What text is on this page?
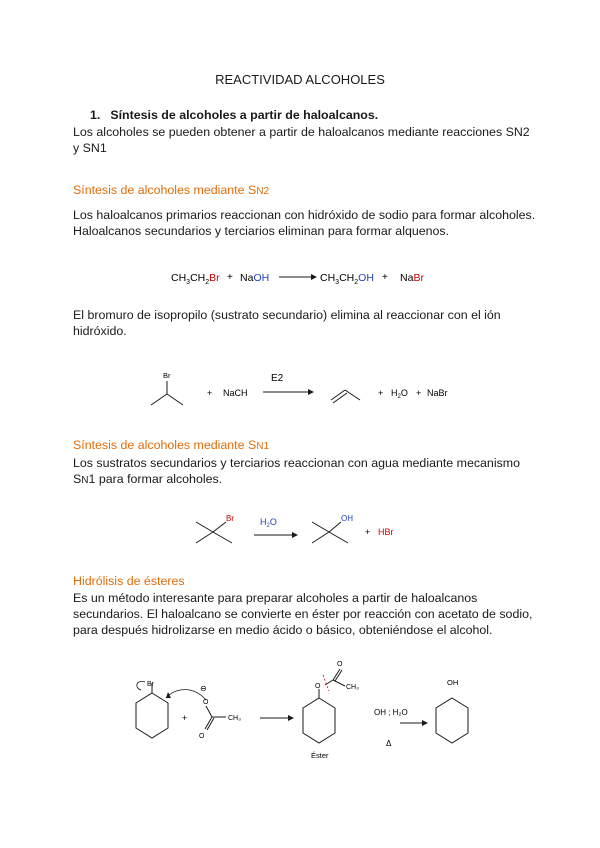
REACTIVIDAD ALCOHOLES
1. Síntesis de alcoholes a partir de haloalcanos.
Los alcoholes se pueden obtener a partir de haloalcanos mediante reacciones SN2
y SN1
Síntesis de alcoholes mediante SN2
Los haloalcanos primarios reaccionan con hidróxido de sodio para formar alcoholes.
Haloalcanos secundarios y terciarios eliminan para formar alquenos.
$CH_3CH_2Br$ + NaOH	$CH_3CH_2OH$ + NaBr
El bromuro de isopropilo (sustrato secundario) elimina al reaccionar con el ión
hidróxido.
Br
+ NaCH
E2
+ $H_2O$ + NaBr
Síntesis de alcoholes mediante SN1
Los sustratos secundarios y terciarios reaccionan con agua mediante mecanismo
SN1 para formar alcoholes.
Br	$H_2O$	OH
+ HBr
Hidrólisis de ésteres
Es un método interesante para preparar alcoholes a partir de haloalcanos
secundarios. El haloalcano se convierte en éster por reacción con acetato de sodio,
para después hidrolizarse en medio ácido o básico, obteniéndose el alcohol.
Br
+
⊖
O
O
CH₃
O
O
CH₃
Éster
OH ; H₂O
Δ
OH
